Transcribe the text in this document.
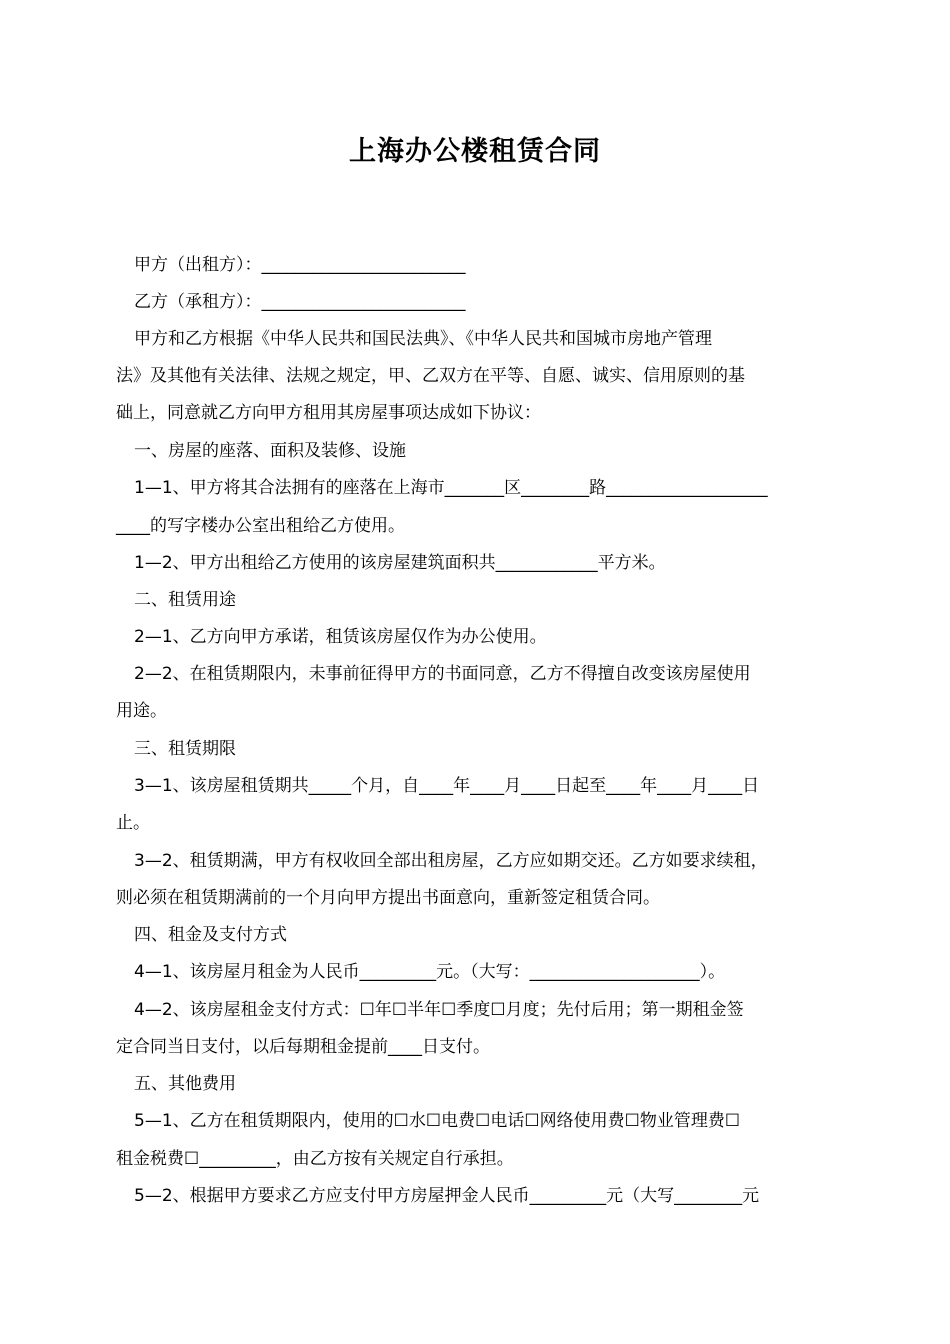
上海办公楼租赁合同
甲方（出租方）：________________________
乙方（承租方）：________________________
甲方和乙方根据《中华人民共和国民法典》、《中华人民共和国城市房地产管理
法》及其他有关法律、法规之规定，甲、乙双方在平等、自愿、诚实、信用原则的基
础上，同意就乙方向甲方租用其房屋事项达成如下协议：
一、房屋的座落、面积及装修、设施
1—1、甲方将其合法拥有的座落在上海市_______区________路___________________
____的写字楼办公室出租给乙方使用。
1—2、甲方出租给乙方使用的该房屋建筑面积共____________平方米。
二、租赁用途
2—1、乙方向甲方承诺，租赁该房屋仅作为办公使用。
2—2、在租赁期限内，未事前征得甲方的书面同意，乙方不得擅自改变该房屋使用
用途。
三、租赁期限
3—1、该房屋租赁期共_____个月，自____年____月____日起至____年____月____日
止。
3—2、租赁期满，甲方有权收回全部出租房屋，乙方应如期交还。乙方如要求续租，
则必须在租赁期满前的一个月向甲方提出书面意向，重新签定租赁合同。
四、租金及支付方式
4—1、该房屋月租金为人民币_________元。（大写：____________________）。
4—2、该房屋租金支付方式：☐年☐半年☐季度☐月度；先付后用；第一期租金签
定合同当日支付，以后每期租金提前____日支付。
五、其他费用
5—1、乙方在租赁期限内，使用的☐水☐电费☐电话☐网络使用费☐物业管理费☐
租金税费☐_________，由乙方按有关规定自行承担。
5—2、根据甲方要求乙方应支付甲方房屋押金人民币_________元（大写________元
